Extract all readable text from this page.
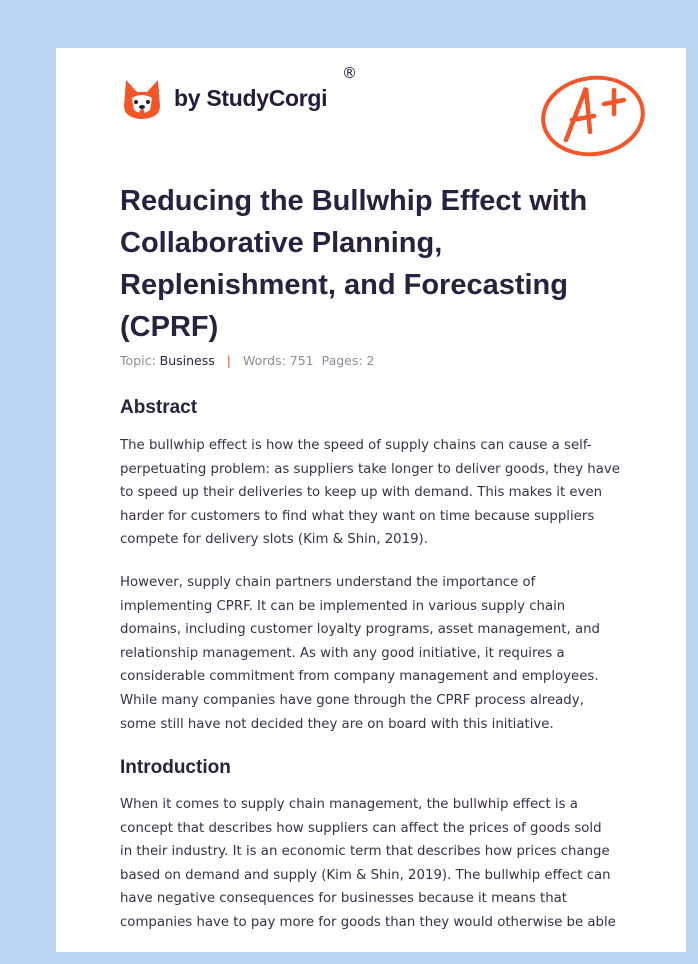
by StudyCorgi
®
Reducing the Bullwhip Effect with Collaborative Planning, Replenishment, and Forecasting (CPRF)
Topic: Business | Words: 751 Pages: 2
Abstract
The bullwhip effect is how the speed of supply chains can cause a self-
perpetuating problem: as suppliers take longer to deliver goods, they have
to speed up their deliveries to keep up with demand. This makes it even
harder for customers to find what they want on time because suppliers
compete for delivery slots (Kim & Shin, 2019).
However, supply chain partners understand the importance of
implementing CPRF. It can be implemented in various supply chain
domains, including customer loyalty programs, asset management, and
relationship management. As with any good initiative, it requires a
considerable commitment from company management and employees.
While many companies have gone through the CPRF process already,
some still have not decided they are on board with this initiative.
Introduction
When it comes to supply chain management, the bullwhip effect is a
concept that describes how suppliers can affect the prices of goods sold
in their industry. It is an economic term that describes how prices change
based on demand and supply (Kim & Shin, 2019). The bullwhip effect can
have negative consequences for businesses because it means that
companies have to pay more for goods than they would otherwise be able
